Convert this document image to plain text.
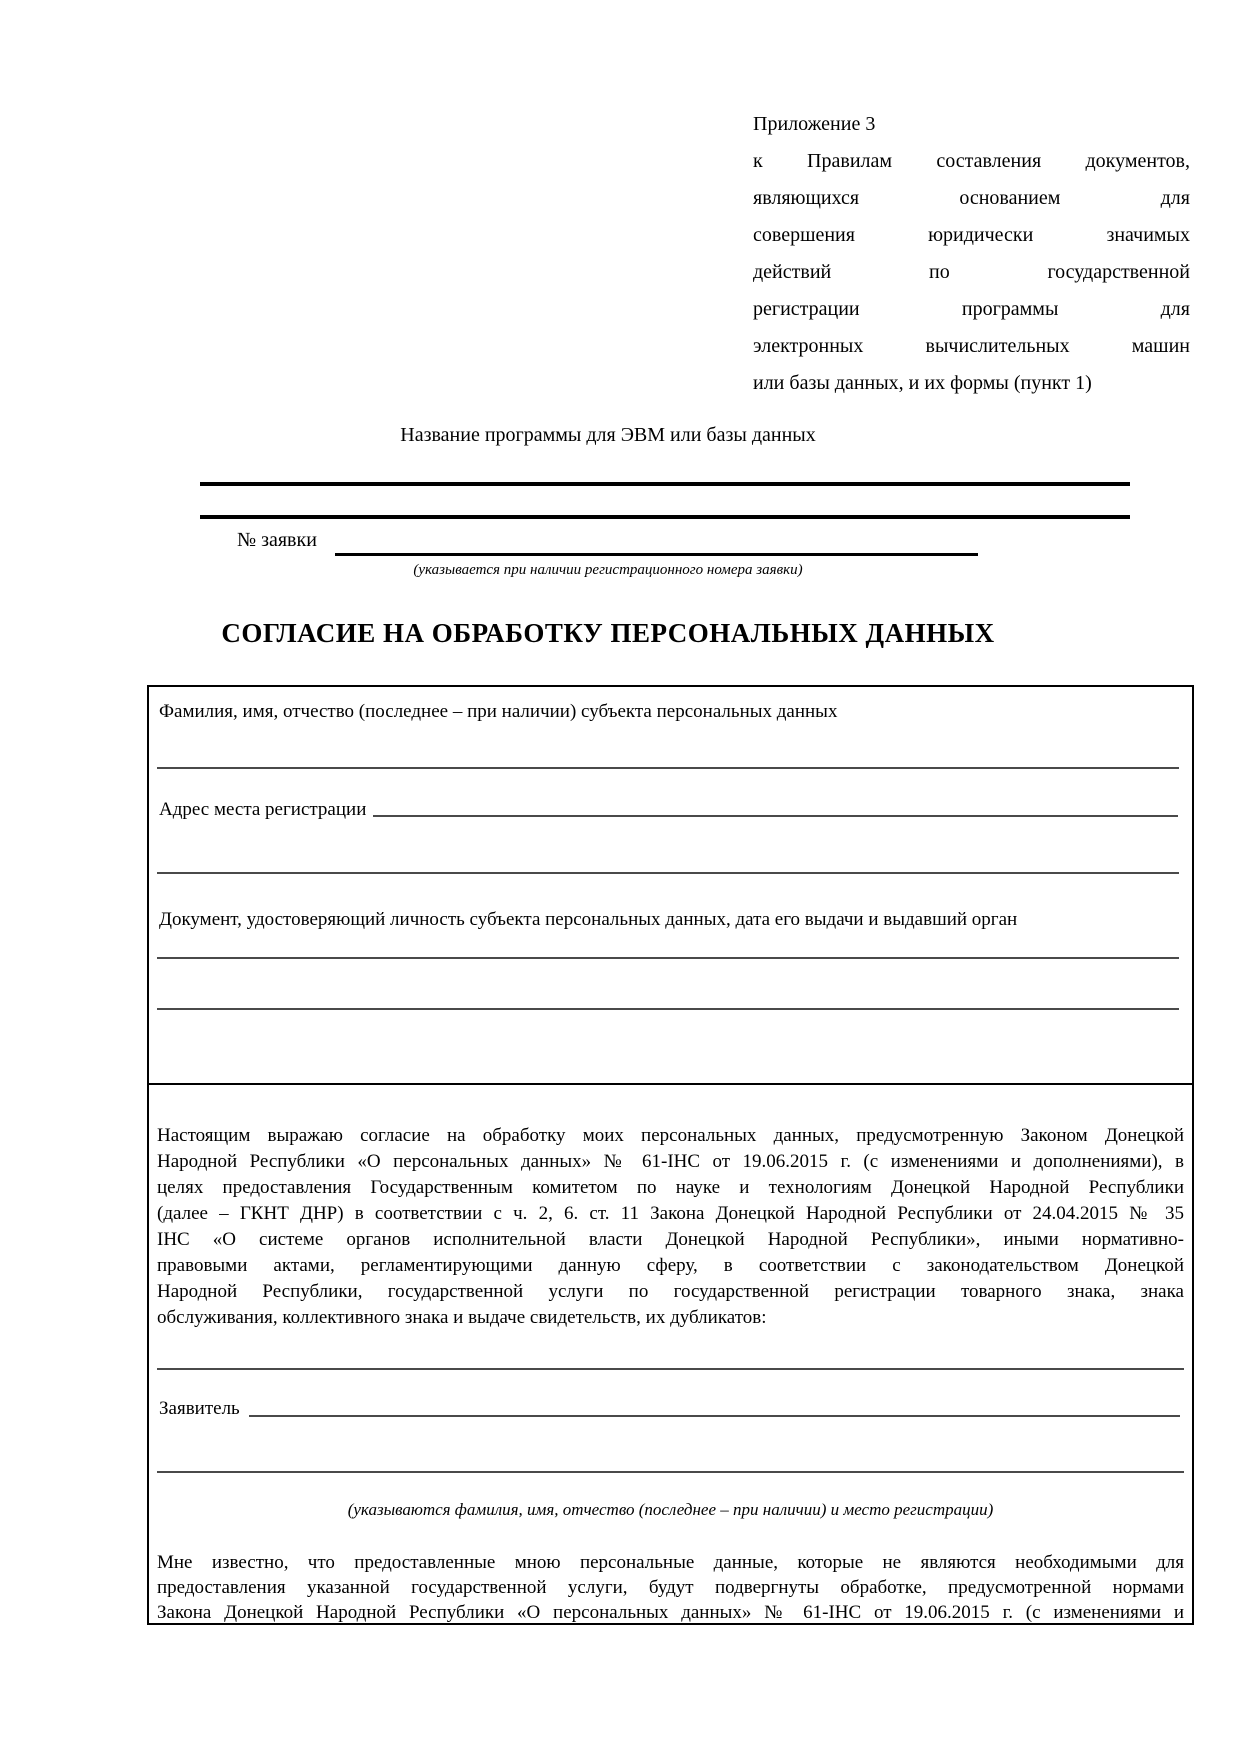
Приложение 3
к Правилам составления документов,
являющихся основанием для
совершения юридически значимых
действий по государственной
регистрации программы для
электронных вычислительных машин
или базы данных, и их формы (пункт 1)
Название программы для ЭВМ или базы данных
№ заявки
(указывается при наличии регистрационного номера заявки)
СОГЛАСИЕ НА ОБРАБОТКУ ПЕРСОНАЛЬНЫХ ДАННЫХ
Фамилия, имя, отчество (последнее – при наличии) субъекта персональных данных
Адрес места регистрации
Документ, удостоверяющий личность субъекта персональных данных, дата его выдачи и выдавший орган
Настоящим выражаю согласие на обработку моих персональных данных, предусмотренную Законом Донецкой
Народной Республики «О персональных данных» № 61-ІНС от 19.06.2015 г. (с изменениями и дополнениями), в
целях предоставления Государственным комитетом по науке и технологиям Донецкой Народной Республики
(далее – ГКНТ ДНР) в соответствии с ч. 2, 6. ст. 11 Закона Донецкой Народной Республики от 24.04.2015 № 35
ІНС «О системе органов исполнительной власти Донецкой Народной Республики», иными нормативно-
правовыми актами, регламентирующими данную сферу, в соответствии с законодательством Донецкой
Народной Республики, государственной услуги по государственной регистрации товарного знака, знака
обслуживания, коллективного знака и выдаче свидетельств, их дубликатов:
Заявитель
(указываются фамилия, имя, отчество (последнее – при наличии) и место регистрации)
Мне известно, что предоставленные мною персональные данные, которые не являются необходимыми для
предоставления указанной государственной услуги, будут подвергнуты обработке, предусмотренной нормами
Закона Донецкой Народной Республики «О персональных данных» № 61-ІНС от 19.06.2015 г. (с изменениями и
